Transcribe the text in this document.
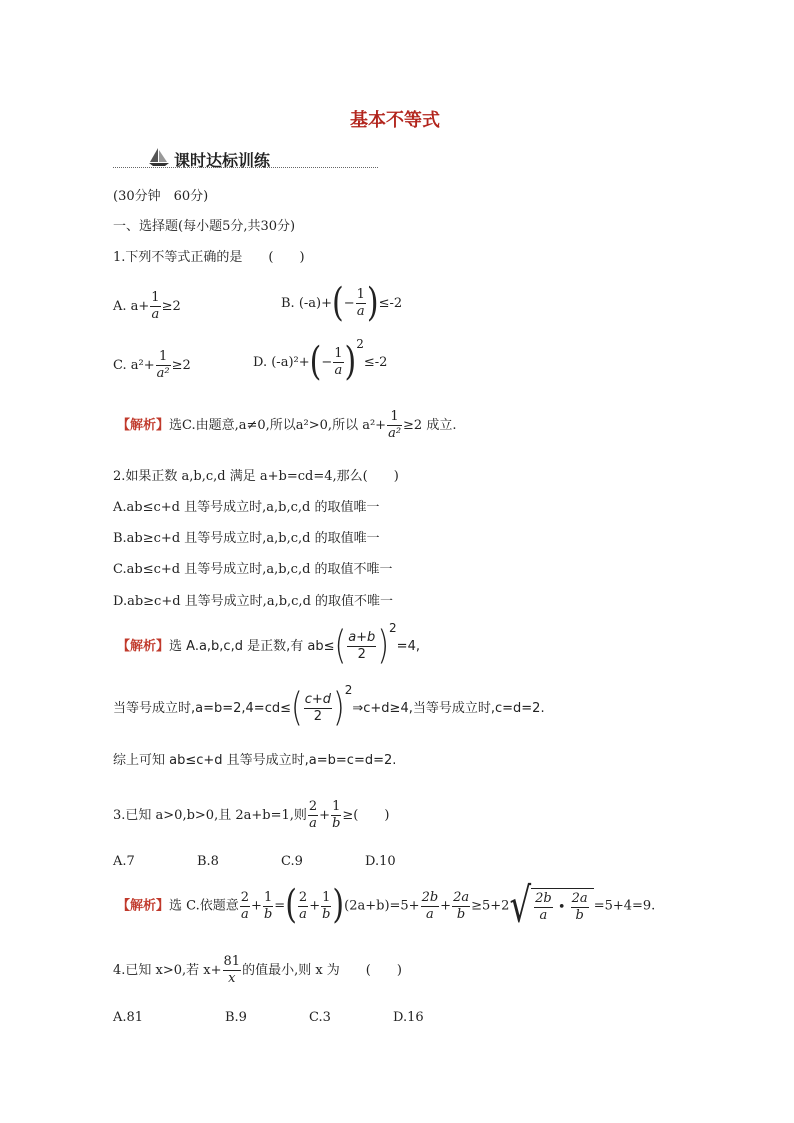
基本不等式
课时达标训练
(30分钟　60分)
一、选择题(每小题5分,共30分)
1.下列不等式正确的是　　(　　)
A. $a+ \frac{1}{a} \ge 2$	B. $(-a)+(- \frac{1}{a} )\le-2$
C. $a^2+ \frac{1}{\text{a²}} \ge 2$	D. $(-a)^2+(- \frac{1}{a} )2\le-2$
【解析】选C.由题意,a≠0,所以a²>0,所以 $a^2+ \frac{1}{\text{a²}} \ge 2$ 成立.
2.如果正数 a,b,c,d 满足 a+b=cd=4,那么(　　)
A.ab≤c+d 且等号成立时,a,b,c,d 的取值唯一
B.ab≥c+d 且等号成立时,a,b,c,d 的取值唯一
C.ab≤c+d 且等号成立时,a,b,c,d 的取值不唯一
D.ab≥c+d 且等号成立时,a,b,c,d 的取值不唯一
【解析】选 A.a,b,c,d 是正数,有 $ab\le( \frac{a+b}{2} )2=4$,
当等号成立时$,a=b=2,4=cd\le( \frac{c+d}{2}$ )2⇒c+d≥4,当等号成立时,c=d=2.
综上可知 ab≤c+d 且等号成立时,a=b=c=d=2.
3.已知 a>0,b>0,且 2a+b=1,则 $\frac{2}{a} + \frac{1}{b}$ ≥(　　)
A.7	B.8	C.9	D.10
【解析】选 C.依题意 $\frac{2}{a} + \frac{1}{b}$ =( $\frac{2}{a} + \frac{1}{b} )(2a+b)=5+ \frac{2b}{a} + \frac{2a}{b} \ge 5+2√ \frac{2b}{a}$ • $\frac{2a}{b} =5+4=9$.
4.已知 x>0,若 $x+ \frac{81}{x}$ 的值最小,则 x 为　　(　　)
A.81	B.9	C.3	D.16
